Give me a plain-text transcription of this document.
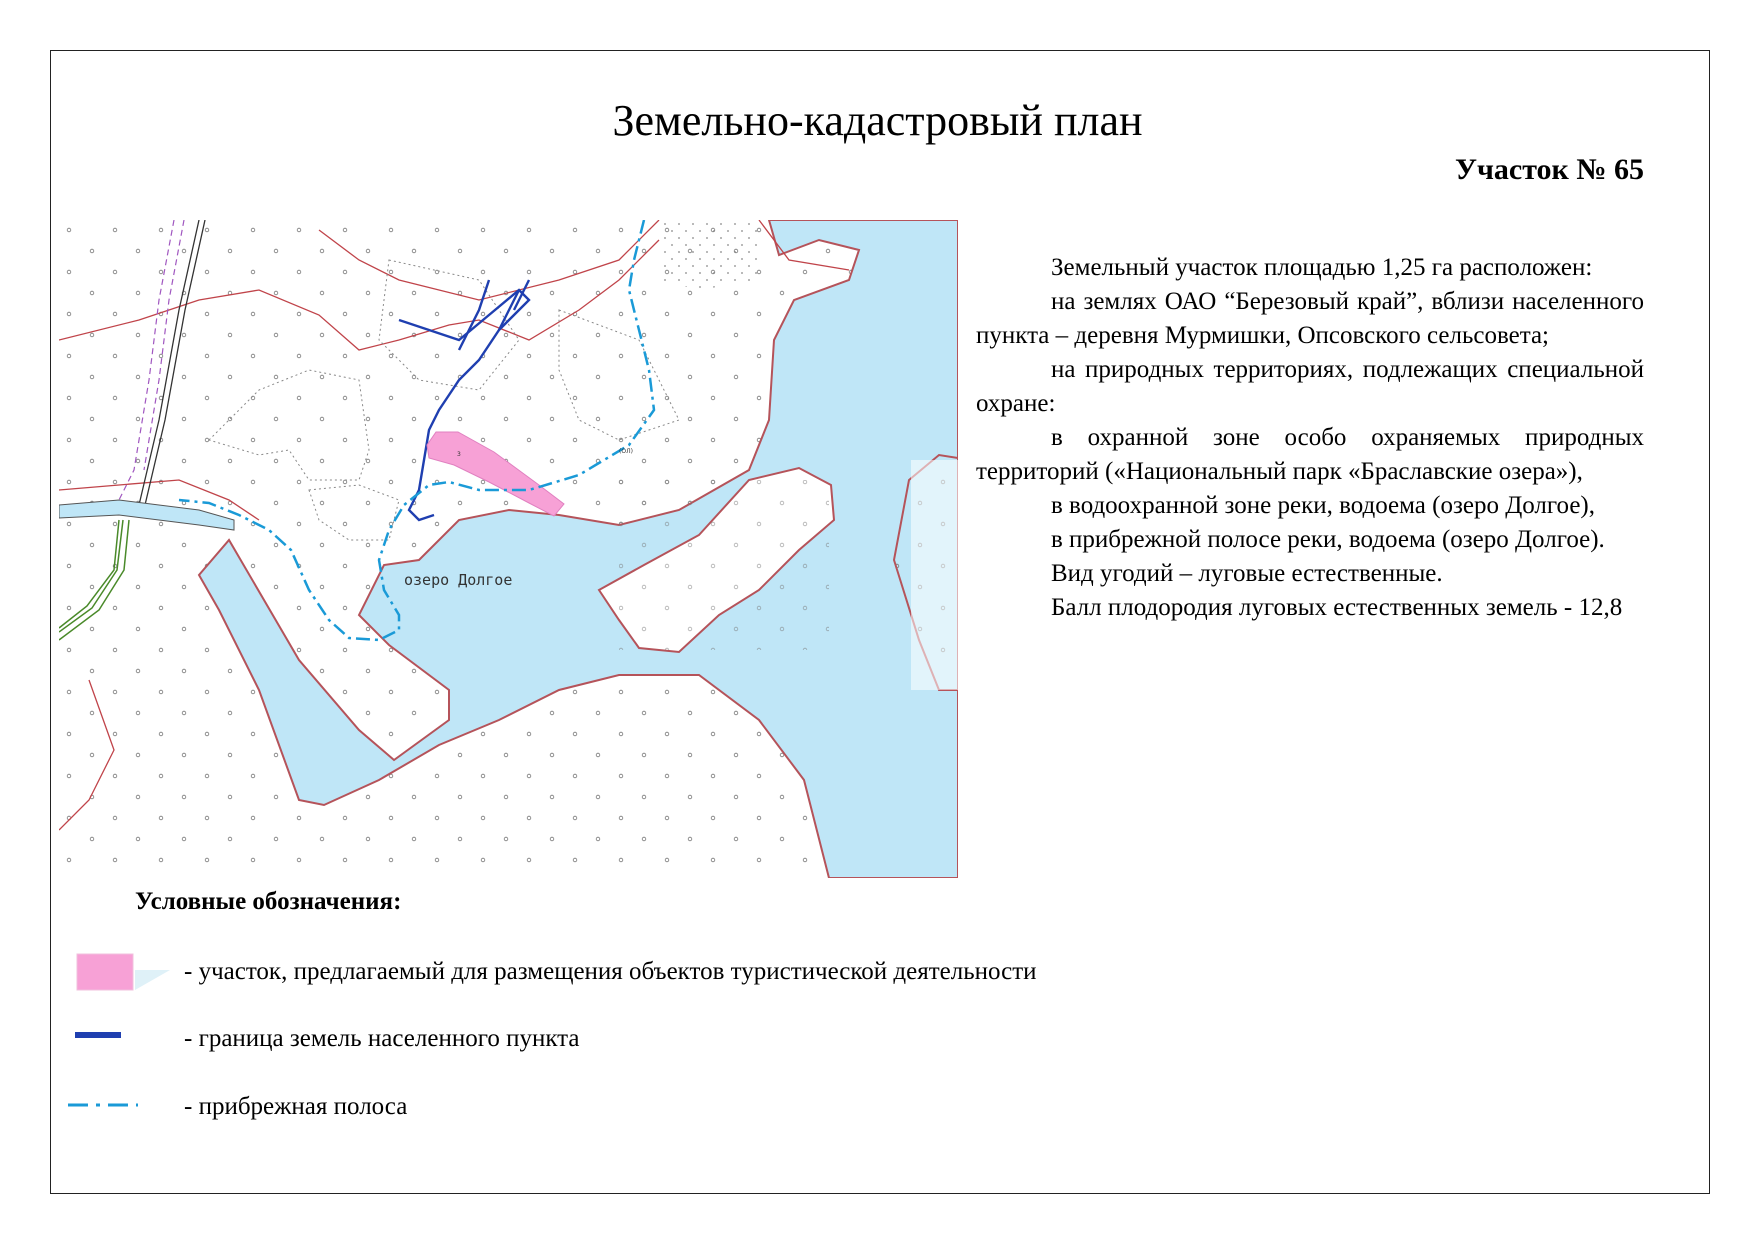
Земельно-кадастровый план
Участок № 65
озеро Долгое
3	(ОЛ)

Земельный участок площадью 1,25 га расположен:

на землях ОАО “Березовый край”, вблизи населенного пункта – деревня Мурмишки, Опсовского сельсовета;

на природных территориях, подлежащих специальной охране:

в охранной зоне особо охраняемых природных территорий («Национальный парк «Браславские озера»),

в водоохранной зоне реки, водоема (озеро Долгое),

в прибрежной полосе реки, водоема (озеро Долгое).

Вид угодий – луговые естественные.

Балл плодородия луговых естественных земель - 12,8

Условные обозначения:
- участок, предлагаемый для размещения объектов туристической деятельности
- граница земель населенного пункта
- прибрежная полоса
